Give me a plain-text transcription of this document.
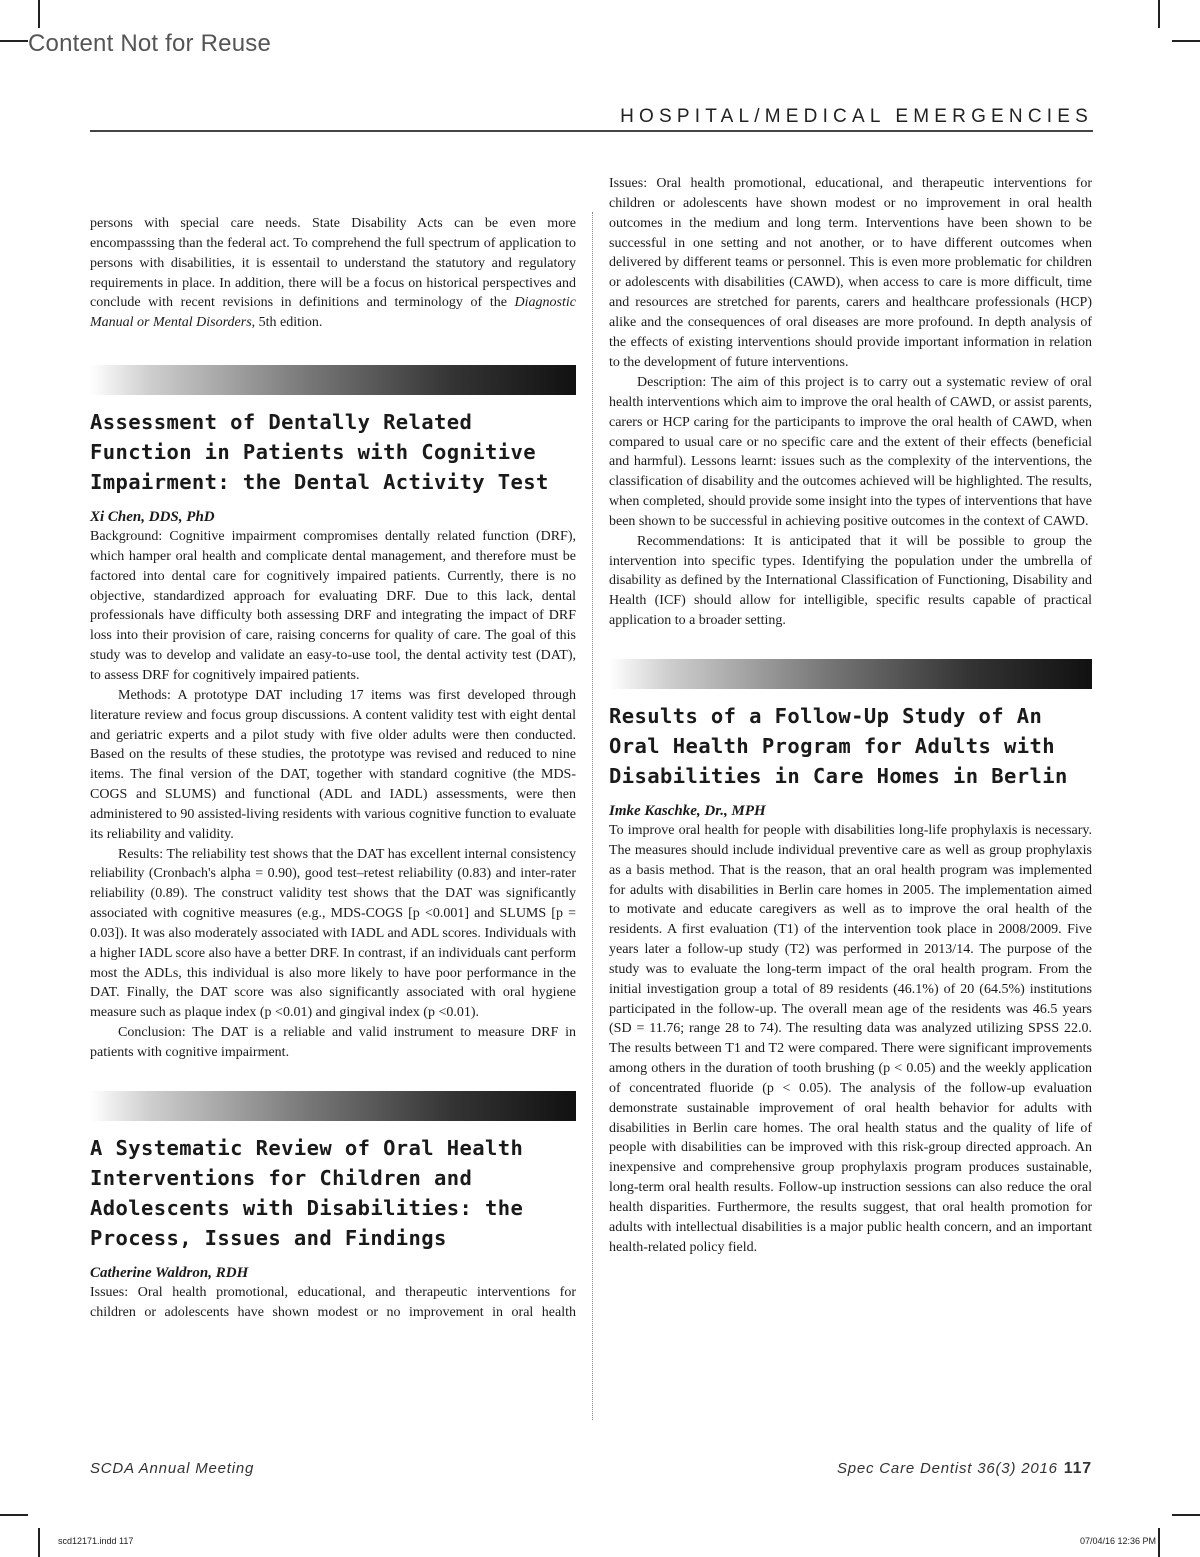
Content Not for Reuse
HOSPITAL/MEDICAL EMERGENCIES

persons with special care needs. State Disability Acts can be even more encompasssing than the federal act. To comprehend the full spectrum of application to persons with disabilities, it is essentail to understand the statutory and regulatory requirements in place. In addition, there will be a focus on historical perspectives and conclude with recent revisions in definitions and terminology of the Diagnostic Manual or Mental Disorders, 5th edition.

Assessment of Dentally Related Function in Patients with Cognitive Impairment: the Dental Activity Test

Xi Chen, DDS, PhD

Background: Cognitive impairment compromises dentally related function (DRF), which hamper oral health and complicate dental management, and therefore must be factored into dental care for cognitively impaired patients. Currently, there is no objective, standardized approach for evaluating DRF. Due to this lack, dental professionals have difficulty both assessing DRF and integrating the impact of DRF loss into their provision of care, raising concerns for quality of care. The goal of this study was to develop and validate an easy-to-use tool, the dental activity test (DAT), to assess DRF for cognitively impaired patients.

Methods: A prototype DAT including 17 items was first developed through literature review and focus group discussions. A content validity test with eight dental and geriatric experts and a pilot study with five older adults were then conducted. Based on the results of these studies, the prototype was revised and reduced to nine items. The final version of the DAT, together with standard cognitive (the MDS-COGS and SLUMS) and functional (ADL and IADL) assessments, were then administered to 90 assisted-living residents with various cognitive function to evaluate its reliability and validity.

Results: The reliability test shows that the DAT has excellent internal consistency reliability (Cronbach's alpha = 0.90), good test–retest reliability (0.83) and inter-rater reliability (0.89). The construct validity test shows that the DAT was significantly associated with cognitive measures (e.g., MDS-COGS [p <0.001] and SLUMS [p = 0.03]). It was also moderately associated with IADL and ADL scores. Individuals with a higher IADL score also have a better DRF. In contrast, if an individuals cant perform most the ADLs, this individual is also more likely to have poor performance in the DAT. Finally, the DAT score was also significantly associated with oral hygiene measure such as plaque index (p <0.01) and gingival index (p <0.01).

Conclusion: The DAT is a reliable and valid instrument to measure DRF in patients with cognitive impairment.

A Systematic Review of Oral Health Interventions for Children and Adolescents with Disabilities: the Process, Issues and Findings

Catherine Waldron, RDH

Issues: Oral health promotional, educational, and therapeutic interventions for children or adolescents have shown modest or no improvement in oral health

Issues: Oral health promotional, educational, and therapeutic interventions for children or adolescents have shown modest or no improvement in oral health outcomes in the medium and long term. Interventions have been shown to be successful in one setting and not another, or to have different outcomes when delivered by different teams or personnel. This is even more problematic for children or adolescents with disabilities (CAWD), when access to care is more difficult, time and resources are stretched for parents, carers and healthcare professionals (HCP) alike and the consequences of oral diseases are more profound. In depth analysis of the effects of existing interventions should provide important information in relation to the development of future interventions.

Description: The aim of this project is to carry out a systematic review of oral health interventions which aim to improve the oral health of CAWD, or assist parents, carers or HCP caring for the participants to improve the oral health of CAWD, when compared to usual care or no specific care and the extent of their effects (beneficial and harmful). Lessons learnt: issues such as the complexity of the interventions, the classification of disability and the outcomes achieved will be highlighted. The results, when completed, should provide some insight into the types of interventions that have been shown to be successful in achieving positive outcomes in the context of CAWD.

Recommendations: It is anticipated that it will be possible to group the intervention into specific types. Identifying the population under the umbrella of disability as defined by the International Classification of Functioning, Disability and Health (ICF) should allow for intelligible, specific results capable of practical application to a broader setting.

Results of a Follow-Up Study of An Oral Health Program for Adults with Disabilities in Care Homes in Berlin

Imke Kaschke, Dr., MPH

To improve oral health for people with disabilities long-life prophylaxis is necessary. The measures should include individual preventive care as well as group prophylaxis as a basis method. That is the reason, that an oral health program was implemented for adults with disabilities in Berlin care homes in 2005. The implementation aimed to motivate and educate caregivers as well as to improve the oral health of the residents. A first evaluation (T1) of the intervention took place in 2008/2009. Five years later a follow-up study (T2) was performed in 2013/14. The purpose of the study was to evaluate the long-term impact of the oral health program. From the initial investigation group a total of 89 residents (46.1%) of 20 (64.5%) institutions participated in the follow-up. The overall mean age of the residents was 46.5 years (SD = 11.76; range 28 to 74). The resulting data was analyzed utilizing SPSS 22.0. The results between T1 and T2 were compared. There were significant improvements among others in the duration of tooth brushing (p < 0.05) and the weekly application of concentrated fluoride (p < 0.05). The analysis of the follow-up evaluation demonstrate sustainable improvement of oral health behavior for adults with disabilities in Berlin care homes. The oral health status and the quality of life of people with disabilities can be improved with this risk-group directed approach. An inexpensive and comprehensive group prophylaxis program produces sustainable, long-term oral health results. Follow-up instruction sessions can also reduce the oral health disparities. Furthermore, the results suggest, that oral health promotion for adults with intellectual disabilities is a major public health concern, and an important health-related policy field.

SCDA Annual Meeting	Spec Care Dentist 36(3) 2016 117
scd12171.indd 117	07/04/16 12:36 PM
